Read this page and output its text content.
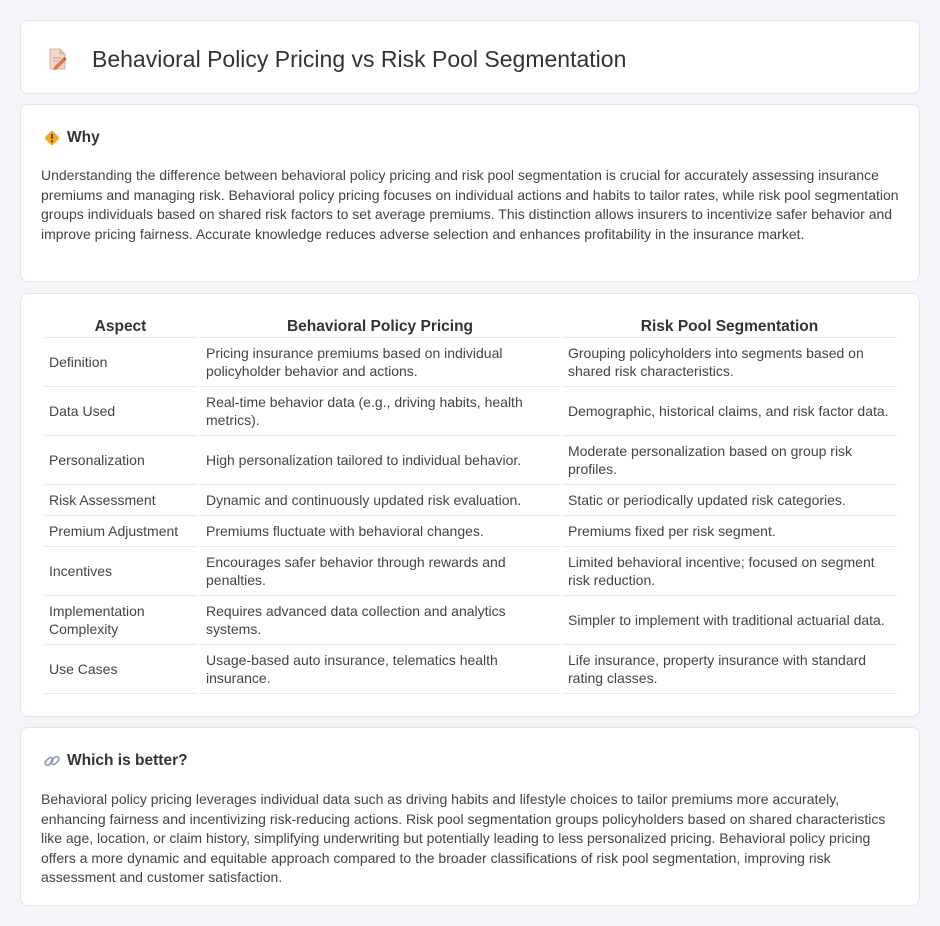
Behavioral Policy Pricing vs Risk Pool Segmentation
Why

Understanding the difference between behavioral policy pricing and risk pool segmentation is crucial for accurately assessing insurance premiums and managing risk. Behavioral policy pricing focuses on individual actions and habits to tailor rates, while risk pool segmentation groups individuals based on shared risk factors to set average premiums. This distinction allows insurers to incentivize safer behavior and improve pricing fairness. Accurate knowledge reduces adverse selection and enhances profitability in the insurance market.

Aspect	Behavioral Policy Pricing	Risk Pool Segmentation
Definition	Pricing insurance premiums based on individual policyholder behavior and actions.	Grouping policyholders into segments based on shared risk characteristics.
Data Used	Real-time behavior data (e.g., driving habits, health metrics).	Demographic, historical claims, and risk factor data.
Personalization	High personalization tailored to individual behavior.	Moderate personalization based on group risk profiles.
Risk Assessment	Dynamic and continuously updated risk evaluation.	Static or periodically updated risk categories.
Premium Adjustment	Premiums fluctuate with behavioral changes.	Premiums fixed per risk segment.
Incentives	Encourages safer behavior through rewards and penalties.	Limited behavioral incentive; focused on segment risk reduction.
Implementation Complexity	Requires advanced data collection and analytics systems.	Simpler to implement with traditional actuarial data.
Use Cases	Usage-based auto insurance, telematics health insurance.	Life insurance, property insurance with standard rating classes.
Which is better?

Behavioral policy pricing leverages individual data such as driving habits and lifestyle choices to tailor premiums more accurately, enhancing fairness and incentivizing risk-reducing actions. Risk pool segmentation groups policyholders based on shared characteristics like age, location, or claim history, simplifying underwriting but potentially leading to less personalized pricing. Behavioral policy pricing offers a more dynamic and equitable approach compared to the broader classifications of risk pool segmentation, improving risk assessment and customer satisfaction.
